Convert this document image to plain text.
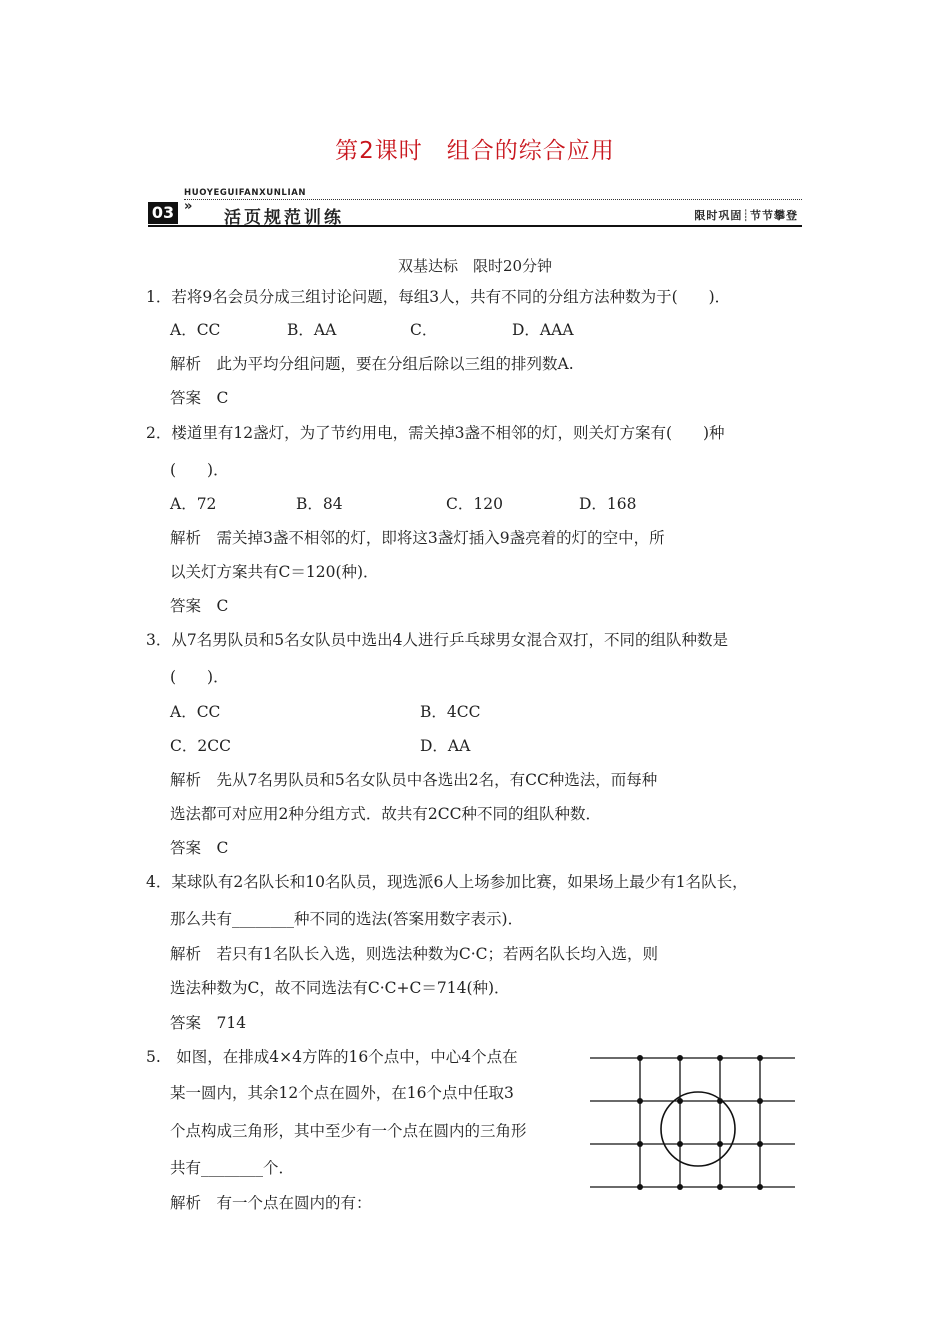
第2课时　组合的综合应用
HUOYEGUIFANXUNLIAN
03 »
活页规范训练	限时巩固┊节节攀登
双基达标　限时20分钟
1．若将9名会员分成三组讨论问题，每组3人，共有不同的分组方法种数为于(　　)．
A．CC	B．AA	C．	D．AAA
解析　此为平均分组问题，要在分组后除以三组的排列数A.
答案　C
2．楼道里有12盏灯，为了节约用电，需关掉3盏不相邻的灯，则关灯方案有(　　)种
(　　)．
A．72	B．84	C．120	D．168
解析　需关掉3盏不相邻的灯，即将这3盏灯插入9盏亮着的灯的空中，所
以关灯方案共有C＝120(种)．
答案　C
3．从7名男队员和5名女队员中选出4人进行乒乓球男女混合双打，不同的组队种数是
(　　)．
A．CC	B．4CC
C．2CC	D．AA
解析　先从7名男队员和5名女队员中各选出2名，有CC种选法，而每种
选法都可对应用2种分组方式．故共有2CC种不同的组队种数．
答案　C
4．某球队有2名队长和10名队员，现选派6人上场参加比赛，如果场上最少有1名队长，
那么共有________种不同的选法(答案用数字表示)．
解析　若只有1名队长入选，则选法种数为C·C；若两名队长均入选，则
选法种数为C，故不同选法有C·C+C＝714(种)．
答案　714
5.　如图，在排成4×4方阵的16个点中，中心4个点在
某一圆内，其余12个点在圆外，在16个点中任取3
个点构成三角形，其中至少有一个点在圆内的三角形
共有________个．
解析　有一个点在圆内的有：
